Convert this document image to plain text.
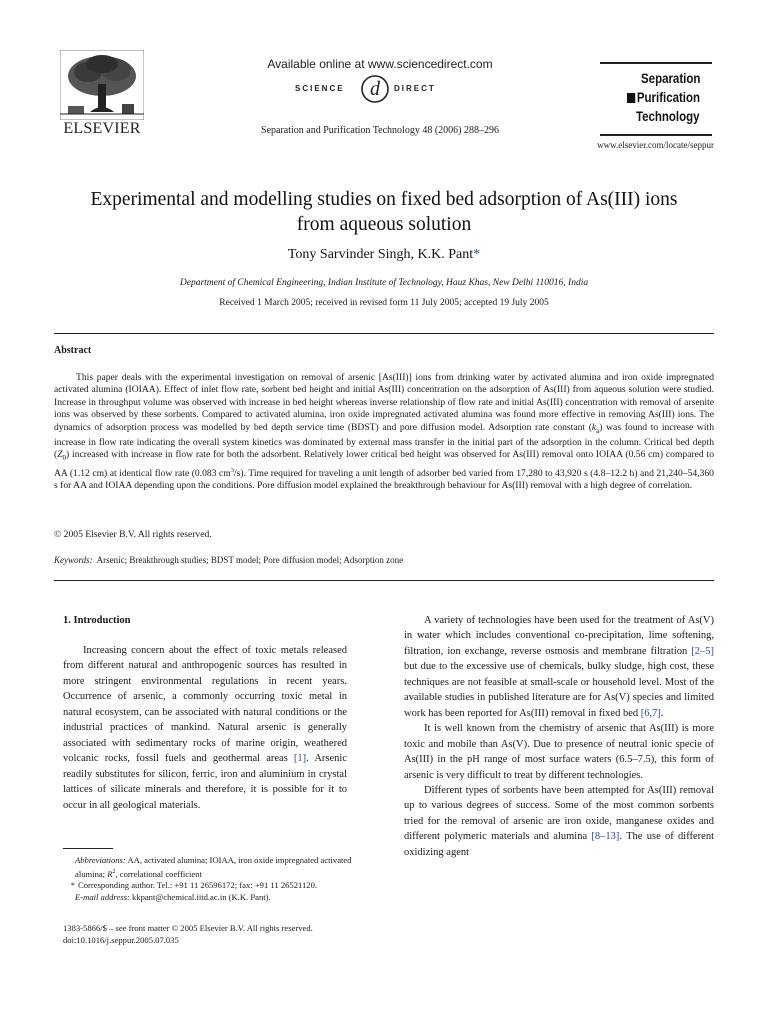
ELSEVIER
Available online at www.sciencedirect.com
SCIENCE d DIRECT
Separation and Purification Technology 48 (2006) 288–296
Separation
Purification
Technology
www.elsevier.com/locate/seppur
Experimental and modelling studies on fixed bed adsorption of As(III) ions from aqueous solution
Tony Sarvinder Singh, K.K. Pant*
Department of Chemical Engineering, Indian Institute of Technology, Hauz Khas, New Delhi 110016, India
Received 1 March 2005; received in revised form 11 July 2005; accepted 19 July 2005
Abstract
This paper deals with the experimental investigation on removal of arsenic [As(III)] ions from drinking water by activated alumina and iron oxide impregnated activated alumina (IOIAA). Effect of inlet flow rate, sorbent bed height and initial As(III) concentration on the adsorption of As(III) from aqueous solution were studied. Increase in throughput volume was observed with increase in bed height whereas inverse relationship of flow rate and initial As(III) concentration with removal of arsenite ions was observed by these sorbents. Compared to activated alumina, iron oxide impregnated activated alumina was found more effective in removing As(III) ions. The dynamics of adsorption process was modelled by bed depth service time (BDST) and pore diffusion model. Adsorption rate constant $(k_a)$ was found to increase with increase in flow rate indicating the overall system kinetics was dominated by external mass transfer in the initial part of the adsorption in the column. Critical bed depth $(Z_0)$ increased with increase in flow rate for both the adsorbent. Relatively lower critical bed height was observed for As(III) removal onto IOIAA (0.56 cm) compared to AA (1.12 cm) at identical flow rate (0.083 $cm^3/s$). Time required for traveling a unit length of adsorber bed varied from 17,280 to 43,920 s (4.8–12.2 h) and 21,240–54,360 s for AA and IOIAA depending upon the conditions. Pore diffusion model explained the breakthrough behaviour for As(III) removal with a high degree of correlation.
© 2005 Elsevier B.V. All rights reserved.
Keywords: Arsenic; Breakthrough studies; BDST model; Pore diffusion model; Adsorption zone
1. Introduction

Increasing concern about the effect of toxic metals released from different natural and anthropogenic sources has resulted in more stringent environmental regulations in recent years. Occurrence of arsenic, a commonly occurring toxic metal in natural ecosystem, can be associated with natural conditions or the industrial practices of mankind. Natural arsenic is generally associated with sedimentary rocks of marine origin, weathered volcanic rocks, fossil fuels and geothermal areas [1]. Arsenic readily substitutes for silicon, ferric, iron and aluminium in crystal lattices of silicate minerals and therefore, it is possible for it to occur in all geological materials.

A variety of technologies have been used for the treatment of As(V) in water which includes conventional co-precipitation, lime softening, filtration, ion exchange, reverse osmosis and membrane filtration [2–5] but due to the excessive use of chemicals, bulky sludge, high cost, these techniques are not feasible at small-scale or household level. Most of the available studies in published literature are for As(V) species and limited work has been reported for As(III) removal in fixed bed [6,7].

It is well known from the chemistry of arsenic that As(III) is more toxic and mobile than As(V). Due to presence of neutral ionic specie of As(III) in the pH range of most surface waters (6.5–7.5), this form of arsenic is very difficult to treat by different technologies.

Different types of sorbents have been attempted for As(III) removal up to various degrees of success. Some of the most common sorbents tried for the removal of arsenic are iron oxide, manganese oxides and different polymeric materials and alumina [8–13]. The use of different oxidizing agent

Abbreviations: AA, activated alumina; IOIAA, iron oxide impregnated activated alumina; $R^2$, correlational coefficient
* Corresponding author. Tel.: +91 11 26596172; fax: +91 11 26521120.
E-mail address: kkpant@chemical.iitd.ac.in (K.K. Pant).
1383-5866/$ – see front matter © 2005 Elsevier B.V. All rights reserved.
doi:10.1016/j.seppur.2005.07.035
